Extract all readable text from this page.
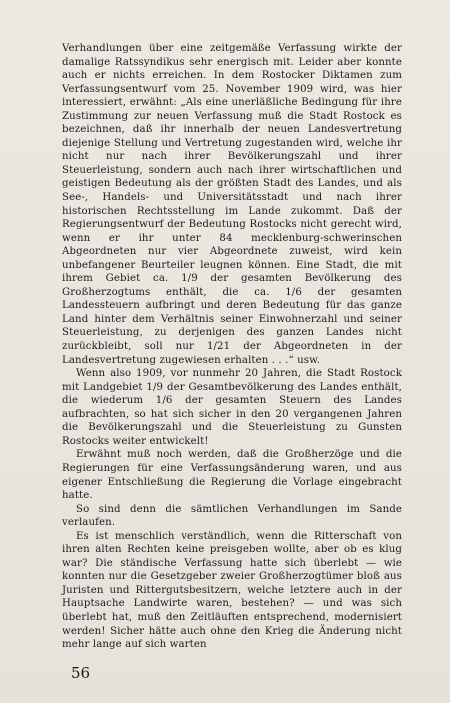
Verhandlungen über eine zeitgemäße Verfassung wirkte der damalige Ratssyndikus sehr energisch mit. Leider aber konnte auch er nichts erreichen. In dem Rostocker Diktamen zum Verfassungsentwurf vom 25. November 1909 wird, was hier interessiert, erwähnt: „Als eine unerläßliche Bedingung für ihre Zustimmung zur neuen Verfassung muß die Stadt Rostock es bezeichnen, daß ihr innerhalb der neuen Landesvertretung diejenige Stellung und Vertretung zugestanden wird, welche ihr nicht nur nach ihrer Bevölkerungszahl und ihrer Steuerleistung, sondern auch nach ihrer wirtschaftlichen und geistigen Bedeutung als der größten Stadt des Landes, und als See-, Handels- und Universitätsstadt und nach ihrer historischen Rechtsstellung im Lande zukommt. Daß der Regierungsentwurf der Bedeutung Rostocks nicht gerecht wird, wenn er ihr unter 84 mecklenburg-schwerinschen Abgeordneten nur vier Abgeordnete zuweist, wird kein unbefangener Beurteiler leugnen können. Eine Stadt, die mit ihrem Gebiet ca. 1/9 der gesamten Bevölkerung des Großherzogtums enthält, die ca. 1/6 der gesamten Landessteuern aufbringt und deren Bedeutung für das ganze Land hinter dem Verhältnis seiner Einwohnerzahl und seiner Steuerleistung, zu derjenigen des ganzen Landes nicht zurückbleibt, soll nur 1/21 der Abgeordneten in der Landesvertretung zugewiesen erhalten . . .“ usw.

Wenn also 1909, vor nunmehr 20 Jahren, die Stadt Rostock mit Landgebiet 1/9 der Gesamtbevölkerung des Landes enthält, die wiederum 1/6 der gesamten Steuern des Landes aufbrachten, so hat sich sicher in den 20 vergangenen Jahren die Bevölkerungszahl und die Steuerleistung zu Gunsten Rostocks weiter entwickelt!

Erwähnt muß noch werden, daß die Großherzöge und die Regierungen für eine Verfassungsänderung waren, und aus eigener Entschließung die Regierung die Vorlage eingebracht hatte.

So sind denn die sämtlichen Verhandlungen im Sande verlaufen.

Es ist menschlich verständlich, wenn die Ritterschaft von ihren alten Rechten keine preisgeben wollte, aber ob es klug war? Die ständische Verfassung hatte sich überlebt — wie konnten nur die Gesetzgeber zweier Großherzogtümer bloß aus Juristen und Rittergutsbesitzern, welche letztere auch in der Hauptsache Landwirte waren, bestehen? — und was sich überlebt hat, muß den Zeitläuften entsprechend, modernisiert werden! Sicher hätte auch ohne den Krieg die Änderung nicht mehr lange auf sich warten

56
